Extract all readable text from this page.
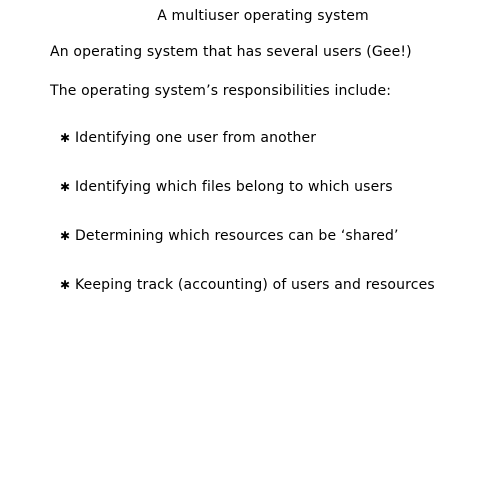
A multiuser operating system
An operating system that has several users (Gee!)
The operating system’s responsibilities include:
✱ Identifying one user from another
✱ Identifying which files belong to which users
✱ Determining which resources can be ‘shared’
✱ Keeping track (accounting) of users and resources
